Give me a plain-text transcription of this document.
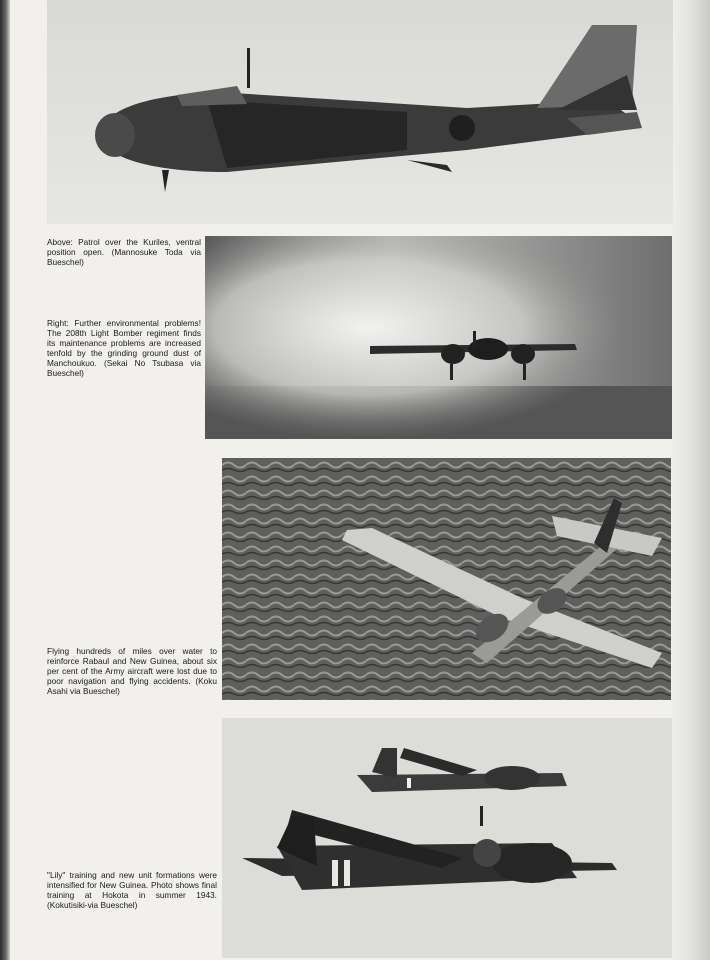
Above: Patrol over the Kuriles, ventral position open. (Mannosuke Toda via Bueschel)

Right: Further environmental problems! The 208th Light Bomber regiment finds its maintenance problems are increased tenfold by the grinding ground dust of Manchoukuo. (Sekai No Tsubasa via Bueschel)

Flying hundreds of miles over water to reinforce Rabaul and New Guinea, about six per cent of the Army aircraft were lost due to poor navigation and flying accidents. (Koku Asahi via Bueschel)

"Lily" training and new unit formations were intensified for New Guinea. Photo shows final training at Hokota in summer 1943. (Kokutisiki-via Bueschel)
